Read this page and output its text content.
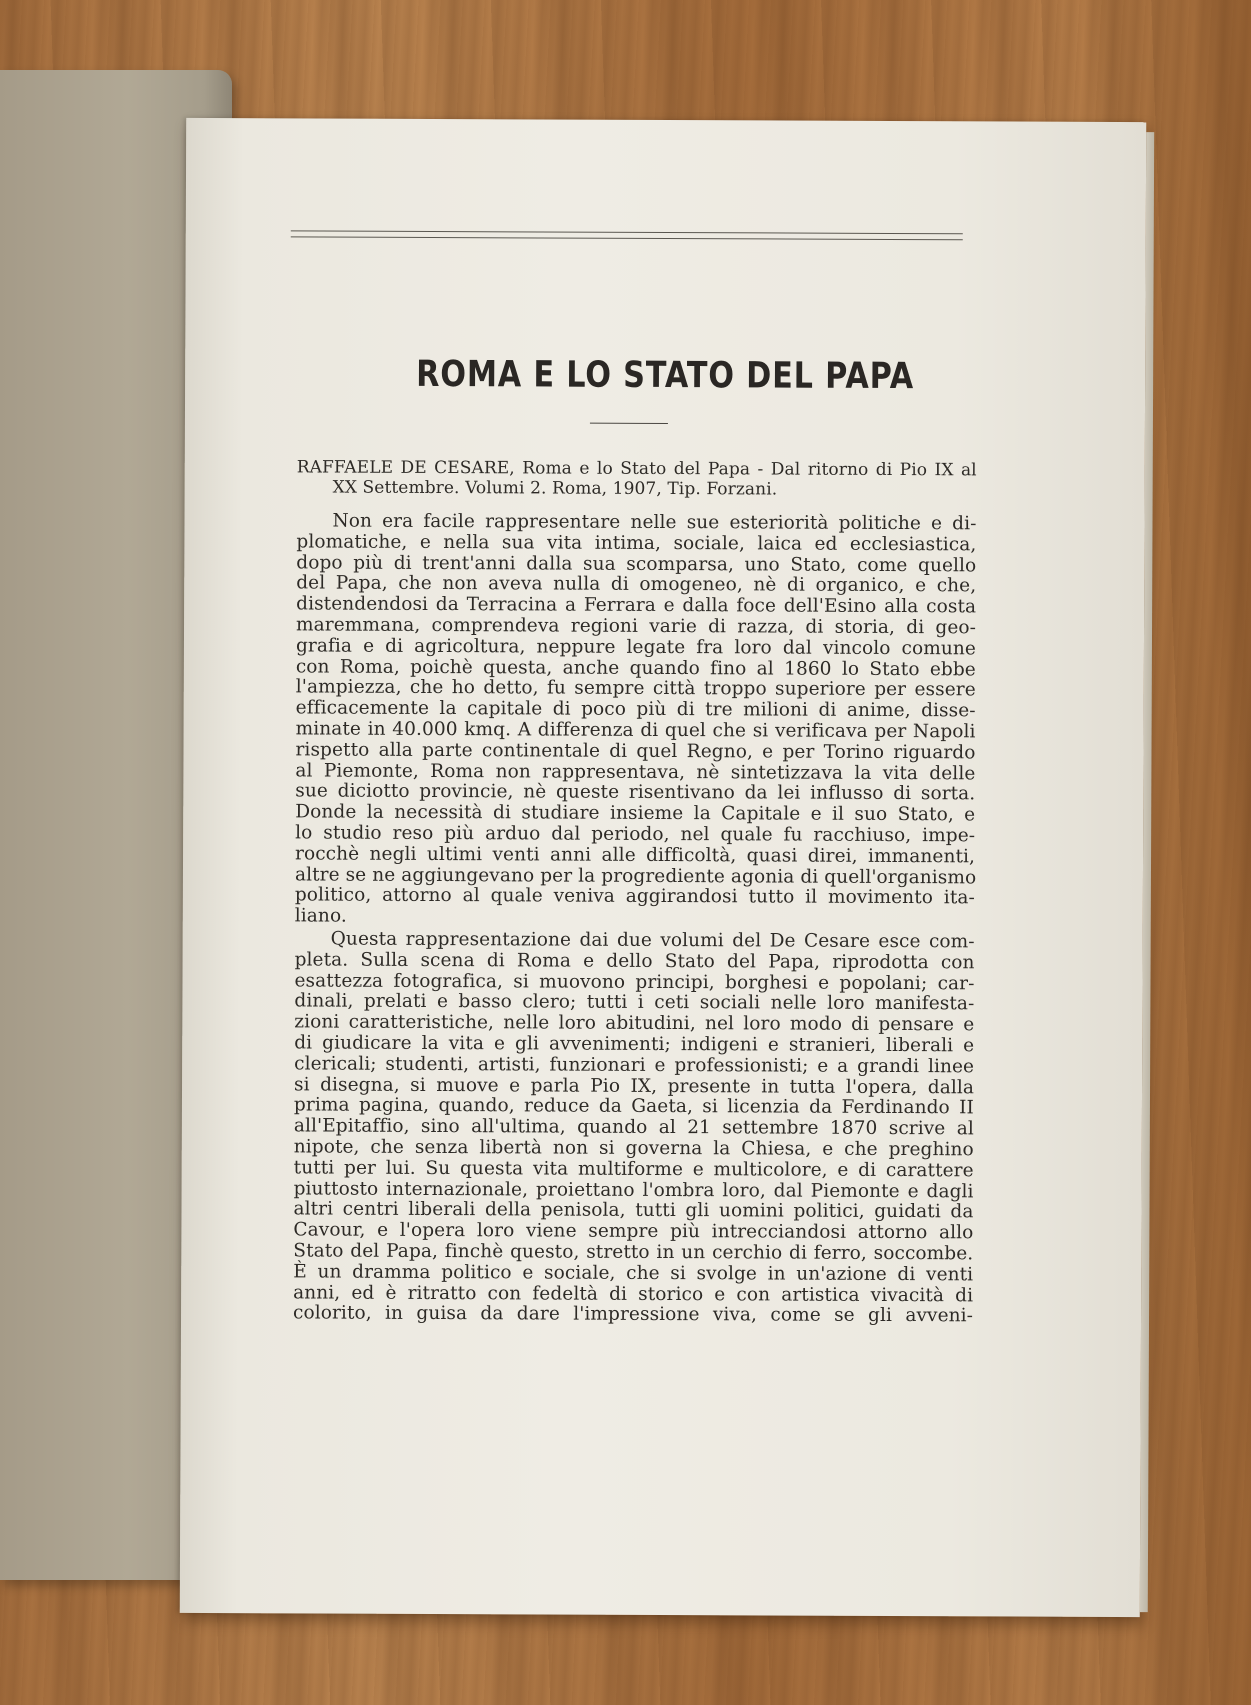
ROMA E LO STATO DEL PAPA
RAFFAELE DE CESARE, Roma e lo Stato del Papa - Dal ritorno di Pio IX al
XX Settembre. Volumi 2. Roma, 1907, Tip. Forzani.
Non era facile rappresentare nelle sue esteriorità politiche e di-
plomatiche, e nella sua vita intima, sociale, laica ed ecclesiastica,
dopo più di trent'anni dalla sua scomparsa, uno Stato, come quello
del Papa, che non aveva nulla di omogeneo, nè di organico, e che,
distendendosi da Terracina a Ferrara e dalla foce dell'Esino alla costa
maremmana, comprendeva regioni varie di razza, di storia, di geo-
grafia e di agricoltura, neppure legate fra loro dal vincolo comune
con Roma, poichè questa, anche quando fino al 1860 lo Stato ebbe
l'ampiezza, che ho detto, fu sempre città troppo superiore per essere
efficacemente la capitale di poco più di tre milioni di anime, disse-
minate in 40.000 kmq. A differenza di quel che si verificava per Napoli
rispetto alla parte continentale di quel Regno, e per Torino riguardo
al Piemonte, Roma non rappresentava, nè sintetizzava la vita delle
sue diciotto provincie, nè queste risentivano da lei influsso di sorta.
Donde la necessità di studiare insieme la Capitale e il suo Stato, e
lo studio reso più arduo dal periodo, nel quale fu racchiuso, impe-
rocchè negli ultimi venti anni alle difficoltà, quasi direi, immanenti,
altre se ne aggiungevano per la progrediente agonia di quell'organismo
politico, attorno al quale veniva aggirandosi tutto il movimento ita-
liano.
Questa rappresentazione dai due volumi del De Cesare esce com-
pleta. Sulla scena di Roma e dello Stato del Papa, riprodotta con
esattezza fotografica, si muovono principi, borghesi e popolani; car-
dinali, prelati e basso clero; tutti i ceti sociali nelle loro manifesta-
zioni caratteristiche, nelle loro abitudini, nel loro modo di pensare e
di giudicare la vita e gli avvenimenti; indigeni e stranieri, liberali e
clericali; studenti, artisti, funzionari e professionisti; e a grandi linee
si disegna, si muove e parla Pio IX, presente in tutta l'opera, dalla
prima pagina, quando, reduce da Gaeta, si licenzia da Ferdinando II
all'Epitaffio, sino all'ultima, quando al 21 settembre 1870 scrive al
nipote, che senza libertà non si governa la Chiesa, e che preghino
tutti per lui. Su questa vita multiforme e multicolore, e di carattere
piuttosto internazionale, proiettano l'ombra loro, dal Piemonte e dagli
altri centri liberali della penisola, tutti gli uomini politici, guidati da
Cavour, e l'opera loro viene sempre più intrecciandosi attorno allo
Stato del Papa, finchè questo, stretto in un cerchio di ferro, soccombe.
È un dramma politico e sociale, che si svolge in un'azione di venti
anni, ed è ritratto con fedeltà di storico e con artistica vivacità di
colorito, in guisa da dare l'impressione viva, come se gli avveni-
